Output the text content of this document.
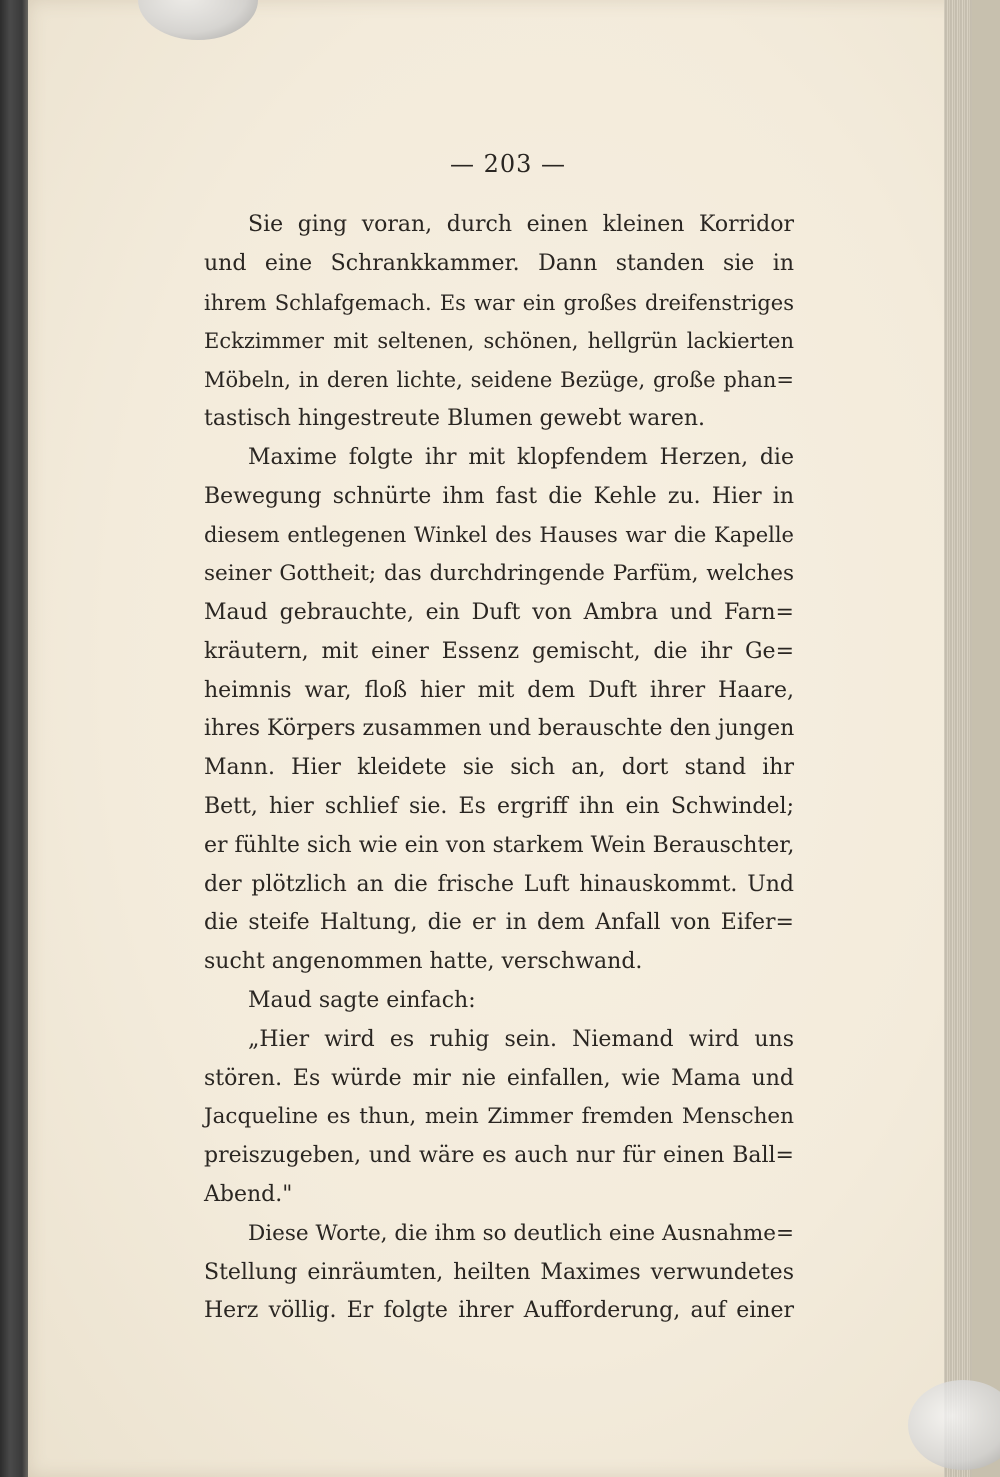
— 203 —
Sie ging voran, durch einen kleinen Korridor
und eine Schrankkammer. Dann standen sie in
ihrem Schlafgemach. Es war ein großes dreifenstriges
Eckzimmer mit seltenen, schönen, hellgrün lackierten
Möbeln, in deren lichte, seidene Bezüge, große phan=
tastisch hingestreute Blumen gewebt waren.
Maxime folgte ihr mit klopfendem Herzen, die
Bewegung schnürte ihm fast die Kehle zu. Hier in
diesem entlegenen Winkel des Hauses war die Kapelle
seiner Gottheit; das durchdringende Parfüm, welches
Maud gebrauchte, ein Duft von Ambra und Farn=
kräutern, mit einer Essenz gemischt, die ihr Ge=
heimnis war, floß hier mit dem Duft ihrer Haare,
ihres Körpers zusammen und berauschte den jungen
Mann. Hier kleidete sie sich an, dort stand ihr
Bett, hier schlief sie. Es ergriff ihn ein Schwindel;
er fühlte sich wie ein von starkem Wein Berauschter,
der plötzlich an die frische Luft hinauskommt. Und
die steife Haltung, die er in dem Anfall von Eifer=
sucht angenommen hatte, verschwand.
Maud sagte einfach:
„Hier wird es ruhig sein. Niemand wird uns
stören. Es würde mir nie einfallen, wie Mama und
Jacqueline es thun, mein Zimmer fremden Menschen
preiszugeben, und wäre es auch nur für einen Ball=
Abend."
Diese Worte, die ihm so deutlich eine Ausnahme=
Stellung einräumten, heilten Maximes verwundetes
Herz völlig. Er folgte ihrer Aufforderung, auf einer
